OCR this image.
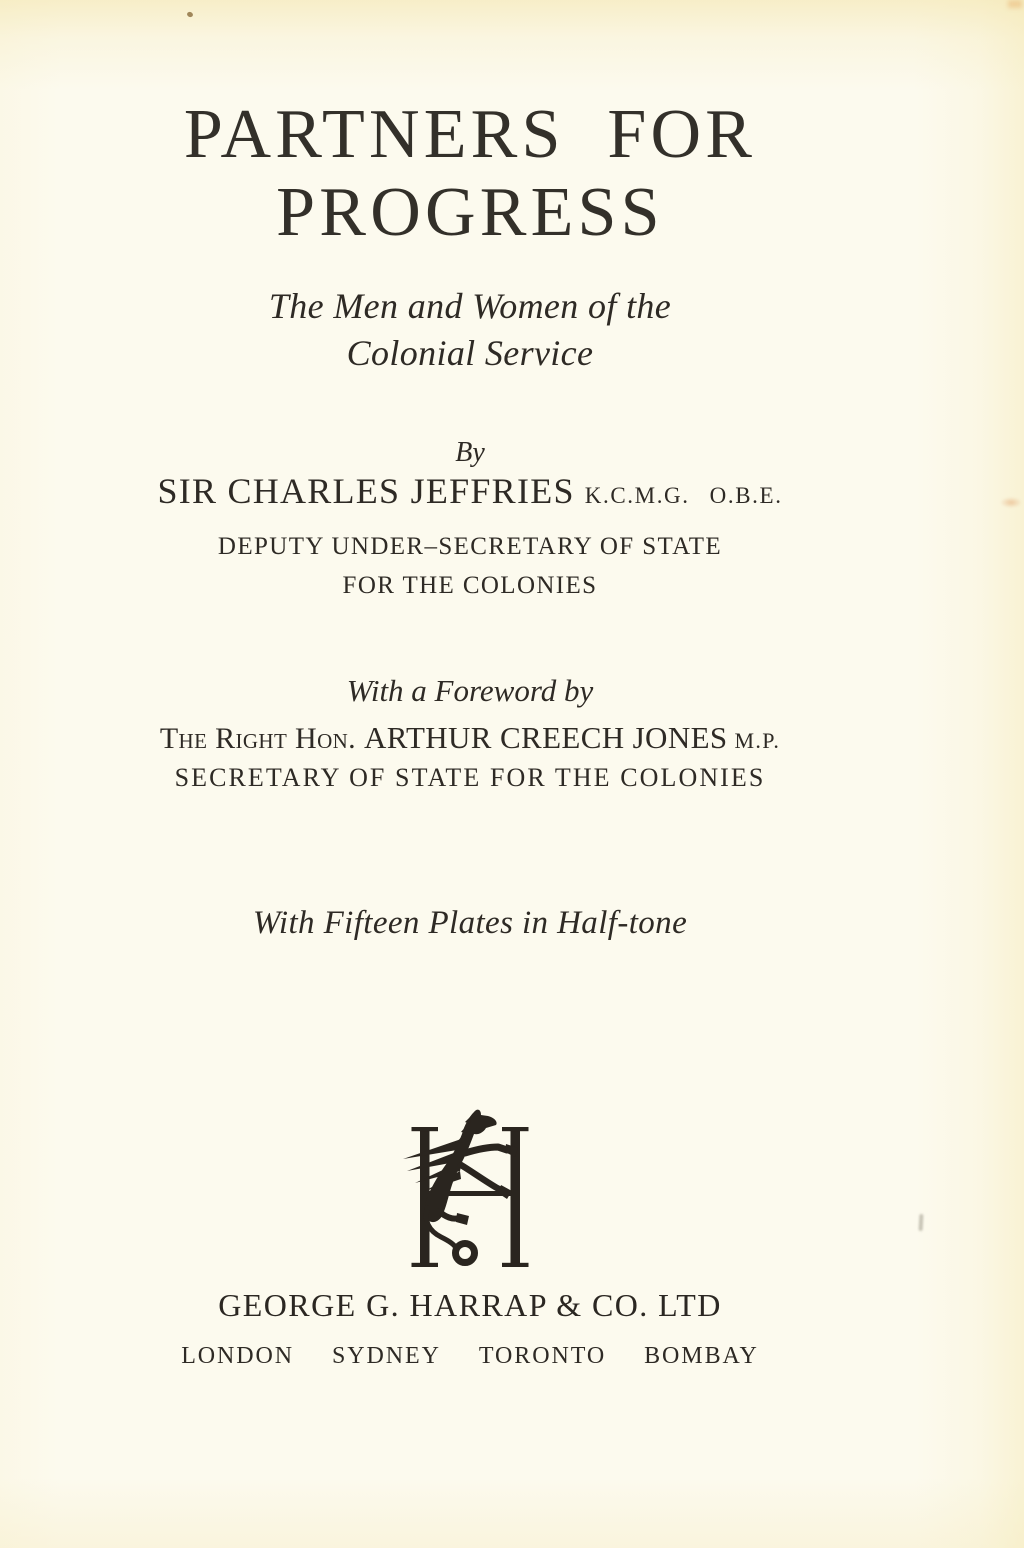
PARTNERS FOR
PROGRESS
The Men and Women of the
Colonial Service
By
SIR CHARLES JEFFRIES K.C.M.G. O.B.E.
DEPUTY UNDER–SECRETARY OF STATE
FOR THE COLONIES
With a Foreword by
The Right Hon. ARTHUR CREECH JONES M.P.
SECRETARY OF STATE FOR THE COLONIES
With Fifteen Plates in Half-tone
GEORGE G. HARRAP & CO. LTD
LONDON SYDNEY TORONTO BOMBAY
